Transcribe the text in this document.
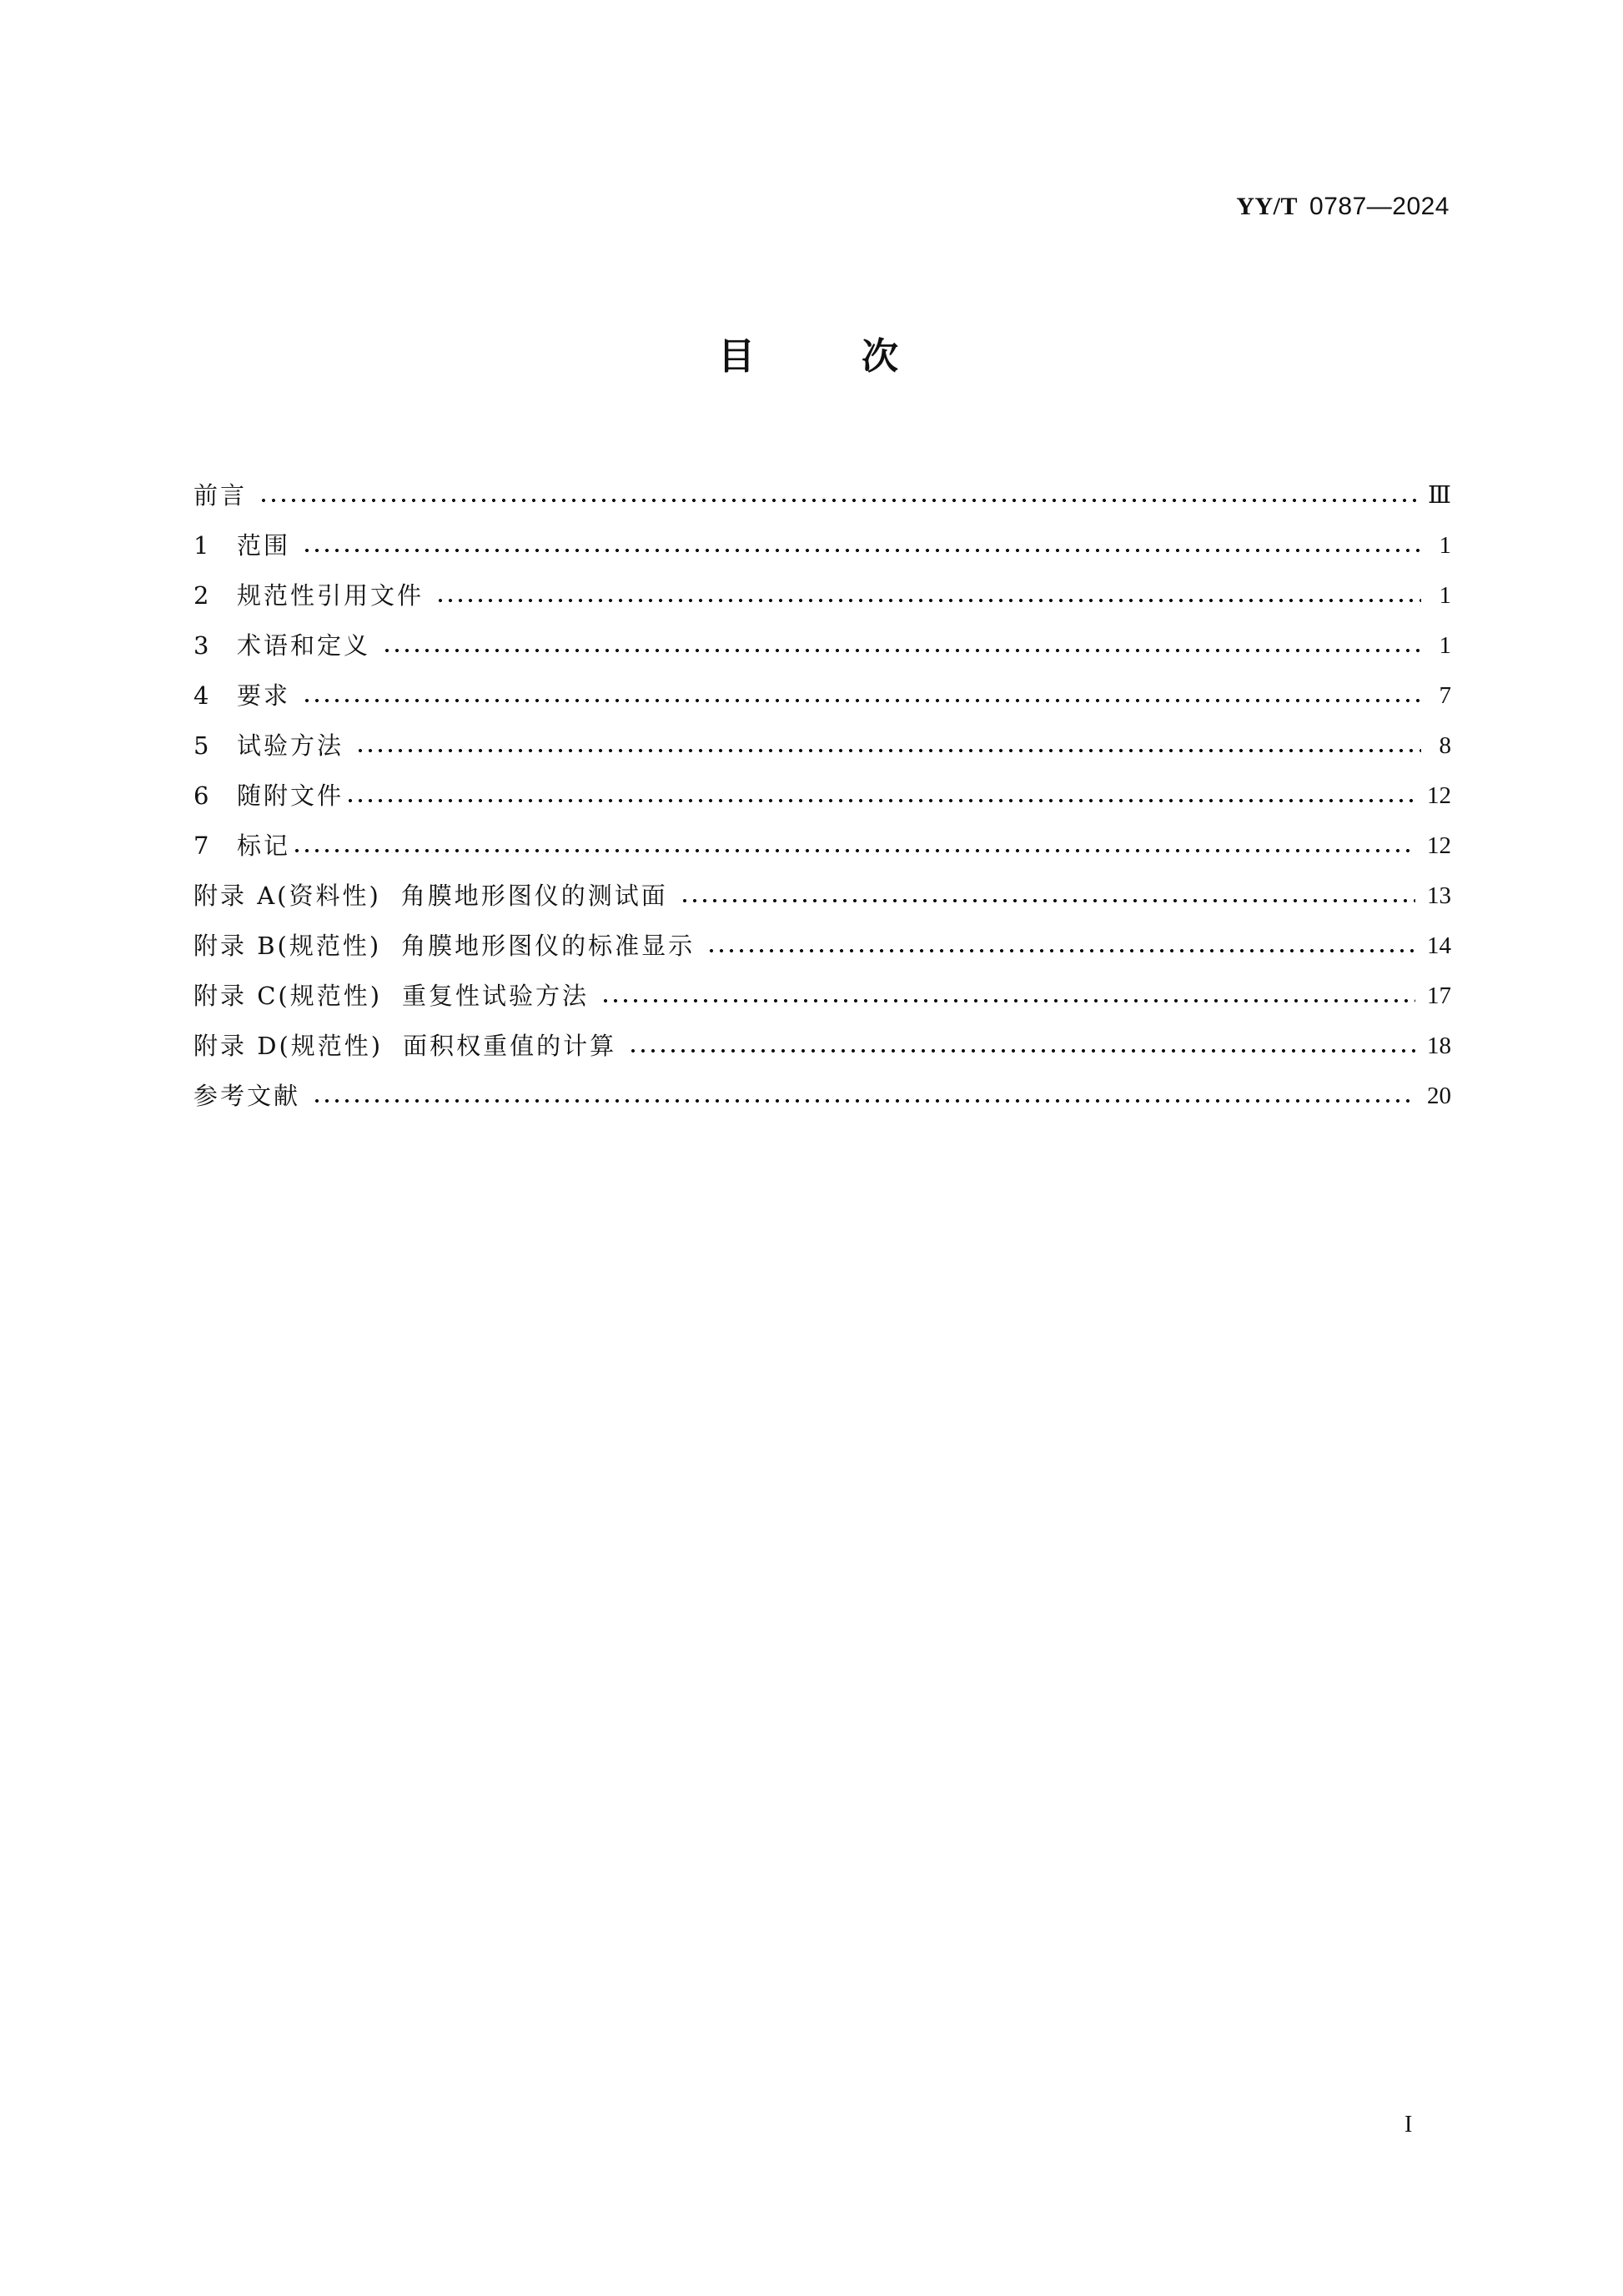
YY/T 0787—2024
目	次
前言	Ⅲ
1 范围	1
2 规范性引用文件	1
3 术语和定义	1
4 要求	7
5 试验方法	8
6 随附文件	12
7 标记	12
附录 A(资料性) 角膜地形图仪的测试面	13
附录 B(规范性) 角膜地形图仪的标准显示	14
附录 C(规范性) 重复性试验方法	17
附录 D(规范性) 面积权重值的计算	18
参考文献	20
I
